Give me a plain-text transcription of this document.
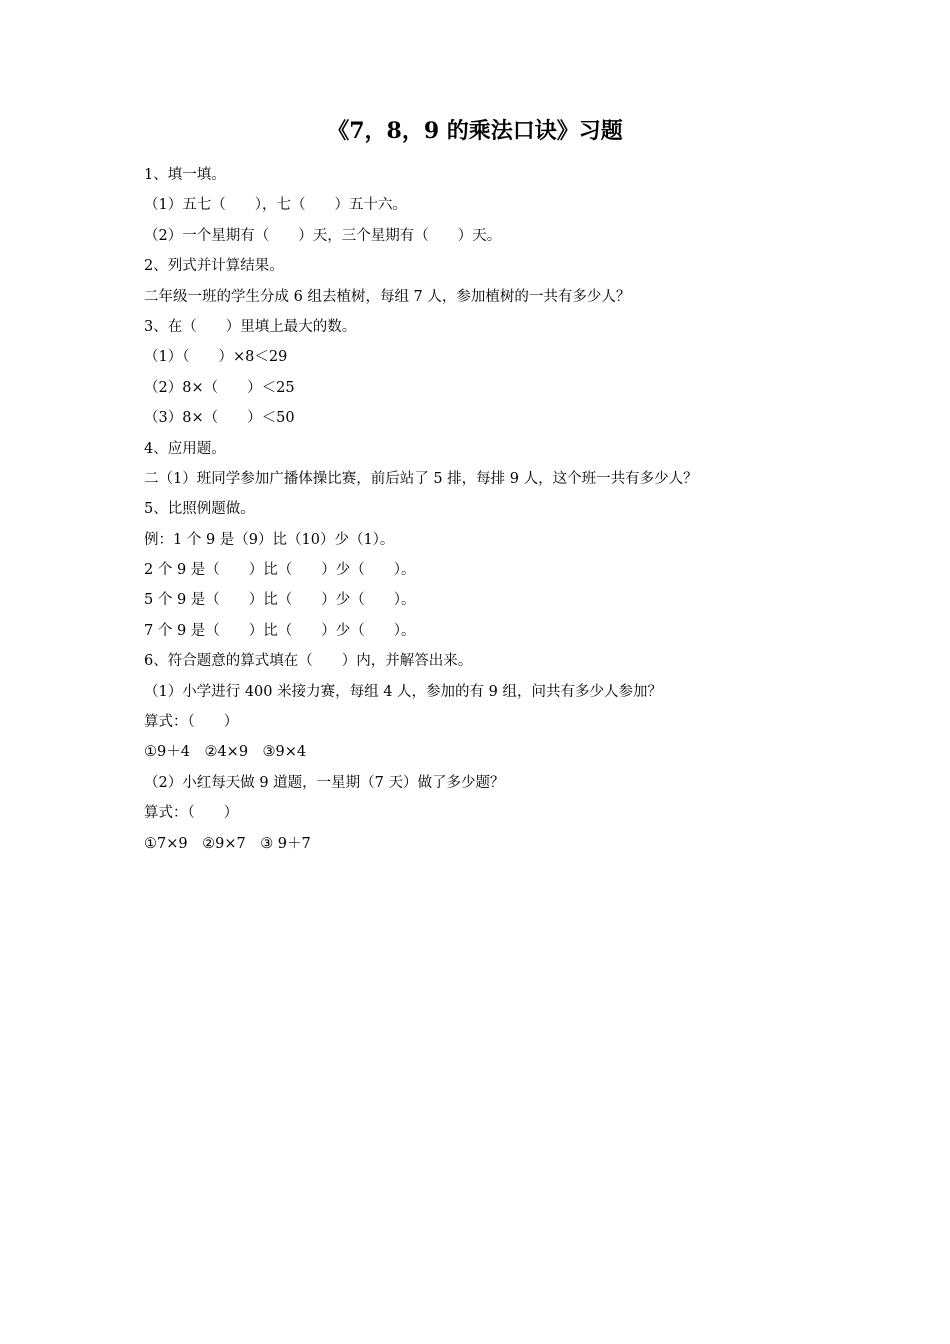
《7，8，9 的乘法口诀》习题
1、填一填。
（1）五七（　　），七（　　）五十六。
（2）一个星期有（　　）天，三个星期有（　　）天。
2、列式并计算结果。
二年级一班的学生分成 6 组去植树，每组 7 人，参加植树的一共有多少人？
3、在（　　）里填上最大的数。
（1）（　　）×8＜29
（2）8×（　　）＜25
（3）8×（　　）＜50
4、应用题。
二（1）班同学参加广播体操比赛，前后站了 5 排，每排 9 人，这个班一共有多少人？
5、比照例题做。
例：1 个 9 是（9）比（10）少（1）。
2 个 9 是（　　）比（　　）少（　　）。
5 个 9 是（　　）比（　　）少（　　）。
7 个 9 是（　　）比（　　）少（　　）。
6、符合题意的算式填在（　　）内，并解答出来。
（1）小学进行 400 米接力赛，每组 4 人，参加的有 9 组，问共有多少人参加？
算式：（　　）
①9＋4　②4×9　③9×4
（2）小红每天做 9 道题，一星期（7 天）做了多少题？
算式：（　　）
①7×9　②9×7　③ 9＋7
